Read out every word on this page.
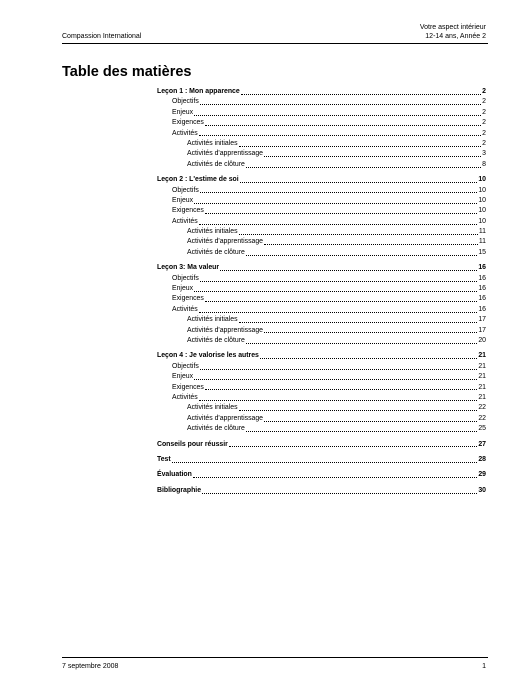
Compassion International
Votre aspect intérieur
12-14 ans, Année 2
Table des matières
Leçon 1 : Mon apparence	2
Objectifs	2
Enjeux	2
Exigences	2
Activités	2
Activités initiales	2
Activités d'apprentissage	3
Activités de clôture	8
Leçon 2 : L'estime de soi	10
Objectifs	10
Enjeux	10
Exigences	10
Activités	10
Activités initiales	11
Activités d'apprentissage	11
Activités de clôture	15
Leçon 3: Ma valeur	16
Objectifs	16
Enjeux	16
Exigences	16
Activités	16
Activités initiales	17
Activités d'apprentissage	17
Activités de clôture	20
Leçon 4 : Je valorise les autres	21
Objectifs	21
Enjeux	21
Exigences	21
Activités	21
Activités initiales	22
Activités d'apprentissage	22
Activités de clôture	25
Conseils pour réussir	27
Test	28
Évaluation	29
Bibliographie	30
7 septembre 2008	1
